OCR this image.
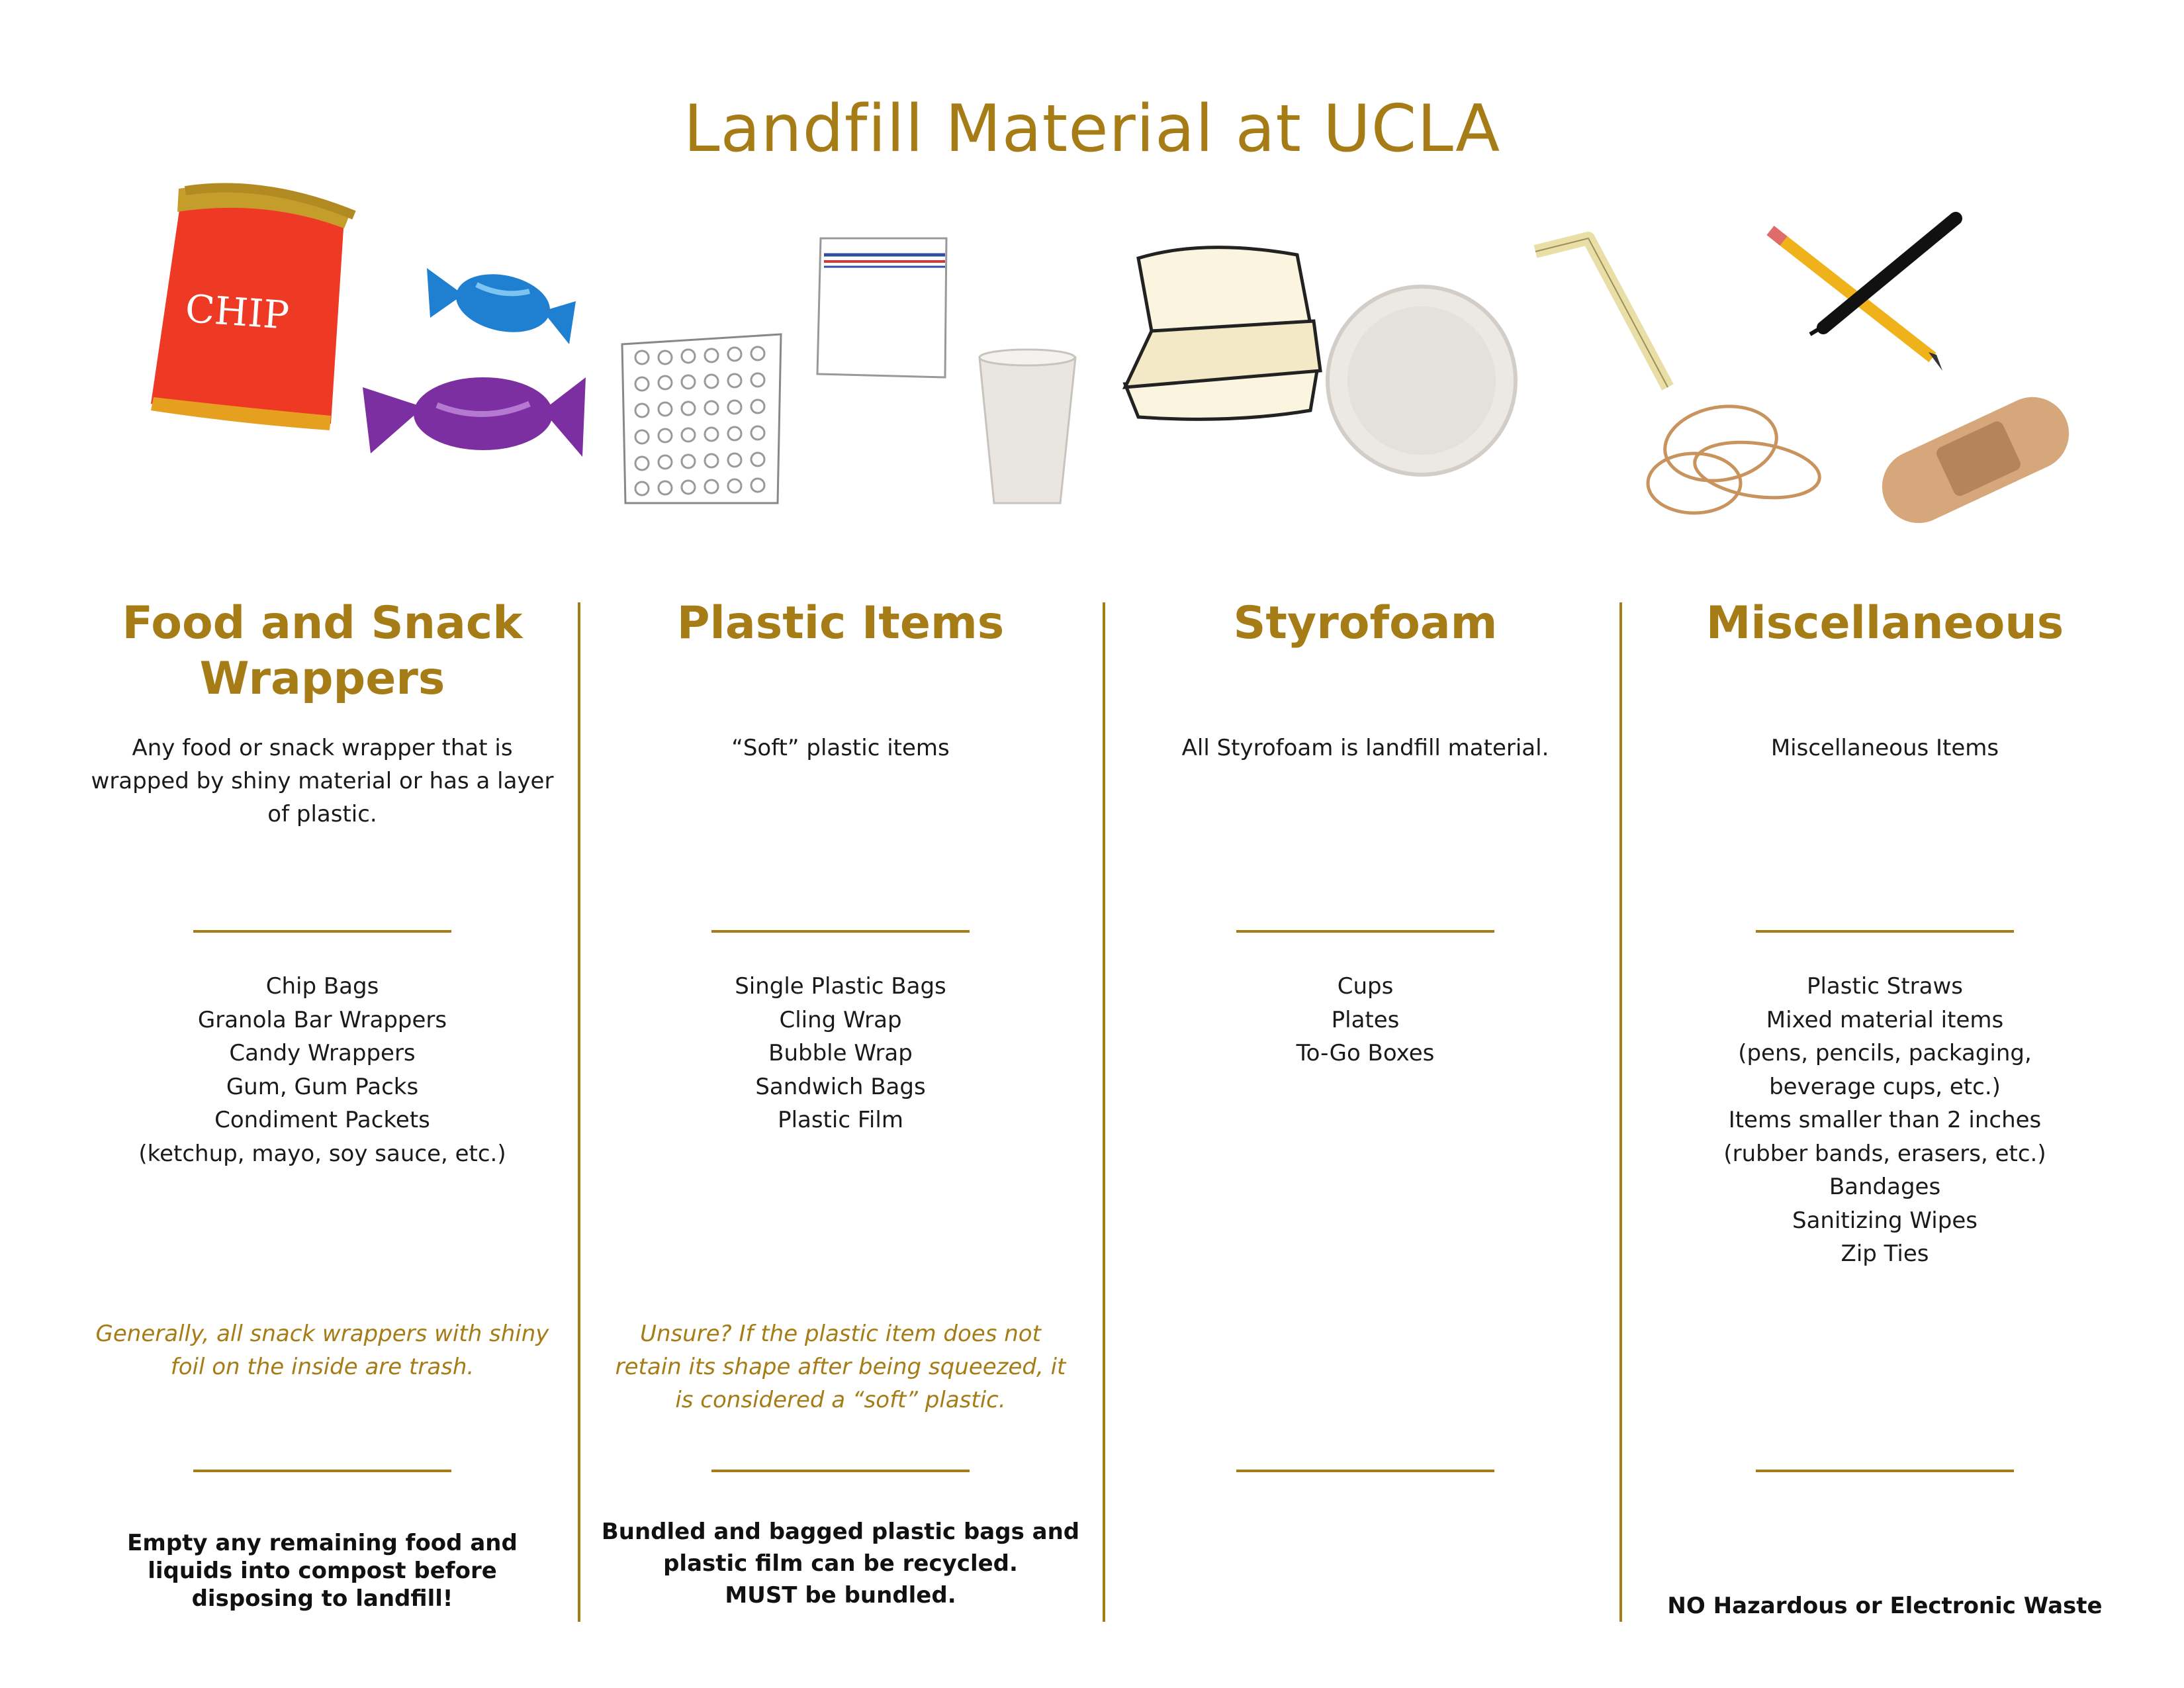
Landfill Material at UCLA
CHIP
Food and Snack
Wrappers
Any food or snack wrapper that is
wrapped by shiny material or has a layer
of plastic.
Chip Bags
Granola Bar Wrappers
Candy Wrappers
Gum, Gum Packs
Condiment Packets
(ketchup, mayo, soy sauce, etc.)
Generally, all snack wrappers with shiny
foil on the inside are trash.
Empty any remaining food and
liquids into compost before
disposing to landfill!
Plastic Items
“Soft” plastic items
Single Plastic Bags
Cling Wrap
Bubble Wrap
Sandwich Bags
Plastic Film
Unsure? If the plastic item does not
retain its shape after being squeezed, it
is considered a “soft” plastic.
Bundled and bagged plastic bags and
plastic film can be recycled.
MUST be bundled.
Styrofoam
All Styrofoam is landfill material.
Cups
Plates
To-Go Boxes
Miscellaneous
Miscellaneous Items
Plastic Straws
Mixed material items
(pens, pencils, packaging,
beverage cups, etc.)
Items smaller than 2 inches
(rubber bands, erasers, etc.)
Bandages
Sanitizing Wipes
Zip Ties
NO Hazardous or Electronic Waste
